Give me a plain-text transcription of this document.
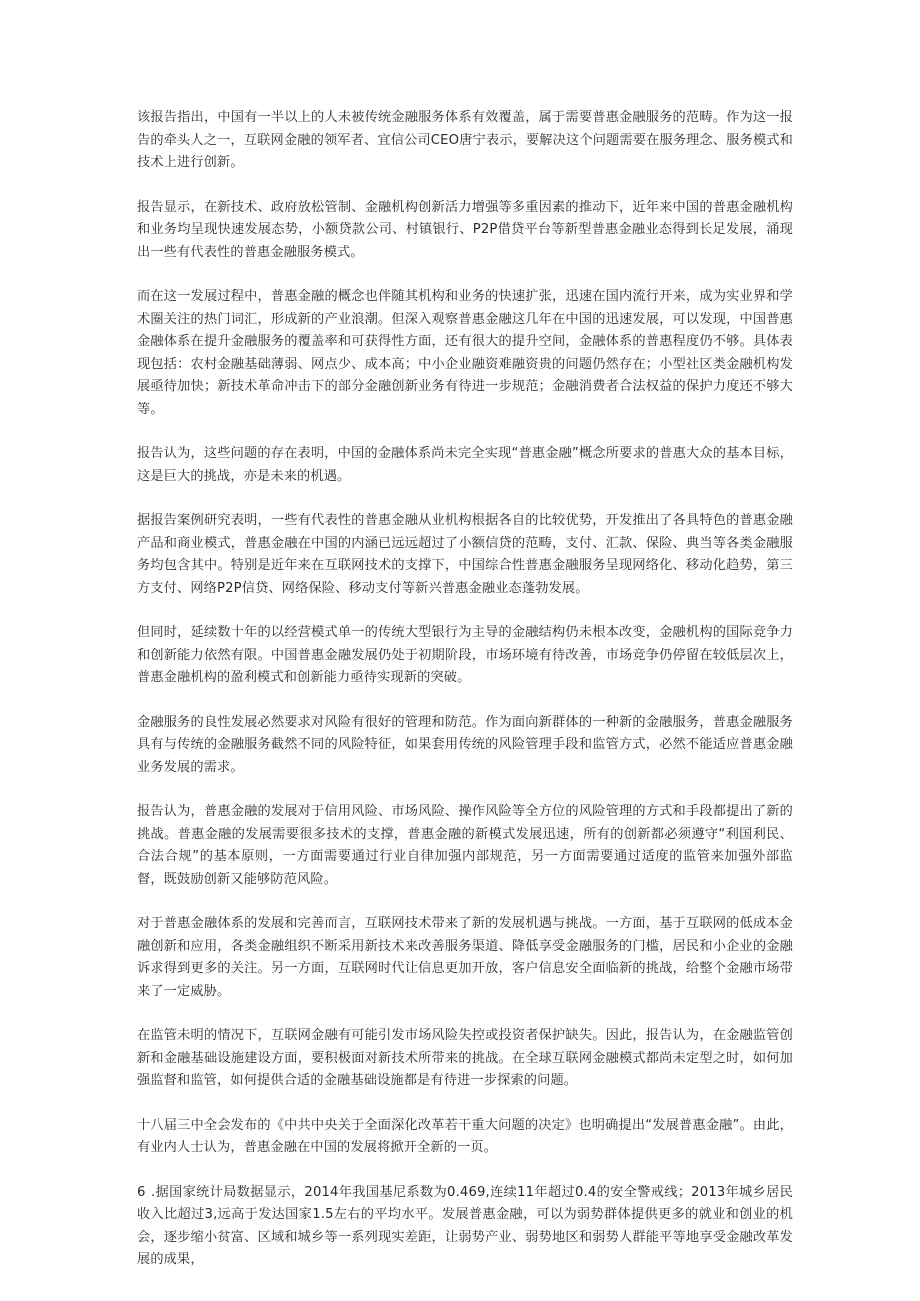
该报告指出，中国有一半以上的人未被传统金融服务体系有效覆盖，属于需要普惠金融服务的范畴。作为这一报告的牵头人之一，互联网金融的领军者、宜信公司CEO唐宁表示，要解决这个问题需要在服务理念、服务模式和技术上进行创新。

报告显示，在新技术、政府放松管制、金融机构创新活力增强等多重因素的推动下，近年来中国的普惠金融机构和业务均呈现快速发展态势，小额贷款公司、村镇银行、P2P借贷平台等新型普惠金融业态得到长足发展，涌现出一些有代表性的普惠金融服务模式。

而在这一发展过程中，普惠金融的概念也伴随其机构和业务的快速扩张，迅速在国内流行开来，成为实业界和学术圈关注的热门词汇，形成新的产业浪潮。但深入观察普惠金融这几年在中国的迅速发展，可以发现，中国普惠金融体系在提升金融服务的覆盖率和可获得性方面，还有很大的提升空间，金融体系的普惠程度仍不够。具体表现包括：农村金融基础薄弱、网点少、成本高；中小企业融资难融资贵的问题仍然存在；小型社区类金融机构发展亟待加快；新技术革命冲击下的部分金融创新业务有待进一步规范；金融消费者合法权益的保护力度还不够大等。

报告认为，这些问题的存在表明，中国的金融体系尚未完全实现“普惠金融”概念所要求的普惠大众的基本目标，这是巨大的挑战，亦是未来的机遇。

据报告案例研究表明，一些有代表性的普惠金融从业机构根据各自的比较优势，开发推出了各具特色的普惠金融产品和商业模式，普惠金融在中国的内涵已远远超过了小额信贷的范畴，支付、汇款、保险、典当等各类金融服务均包含其中。特别是近年来在互联网技术的支撑下，中国综合性普惠金融服务呈现网络化、移动化趋势，第三方支付、网络P2P信贷、网络保险、移动支付等新兴普惠金融业态蓬勃发展。

但同时，延续数十年的以经营模式单一的传统大型银行为主导的金融结构仍未根本改变，金融机构的国际竞争力和创新能力依然有限。中国普惠金融发展仍处于初期阶段，市场环境有待改善，市场竞争仍停留在较低层次上，普惠金融机构的盈利模式和创新能力亟待实现新的突破。

金融服务的良性发展必然要求对风险有很好的管理和防范。作为面向新群体的一种新的金融服务，普惠金融服务具有与传统的金融服务截然不同的风险特征，如果套用传统的风险管理手段和监管方式，必然不能适应普惠金融业务发展的需求。

报告认为，普惠金融的发展对于信用风险、市场风险、操作风险等全方位的风险管理的方式和手段都提出了新的挑战。普惠金融的发展需要很多技术的支撑，普惠金融的新模式发展迅速，所有的创新都必须遵守“利国利民、合法合规”的基本原则，一方面需要通过行业自律加强内部规范，另一方面需要通过适度的监管来加强外部监督，既鼓励创新又能够防范风险。

对于普惠金融体系的发展和完善而言，互联网技术带来了新的发展机遇与挑战。一方面，基于互联网的低成本金融创新和应用，各类金融组织不断采用新技术来改善服务渠道、降低享受金融服务的门槛，居民和小企业的金融诉求得到更多的关注。另一方面，互联网时代让信息更加开放，客户信息安全面临新的挑战，给整个金融市场带来了一定威胁。

在监管未明的情况下，互联网金融有可能引发市场风险失控或投资者保护缺失。因此，报告认为，在金融监管创新和金融基础设施建设方面，要积极面对新技术所带来的挑战。在全球互联网金融模式都尚未定型之时，如何加强监督和监管，如何提供合适的金融基础设施都是有待进一步探索的问题。

十八届三中全会发布的《中共中央关于全面深化改革若干重大问题的决定》也明确提出“发展普惠金融”。由此，有业内人士认为，普惠金融在中国的发展将掀开全新的一页。

6 .据国家统计局数据显示，2014年我国基尼系数为0.469,连续11年超过0.4的安全警戒线；2013年城乡居民收入比超过3,远高于发达国家1.5左右的平均水平。发展普惠金融，可以为弱势群体提供更多的就业和创业的机会，逐步缩小贫富、区域和城乡等一系列现实差距，让弱势产业、弱势地区和弱势人群能平等地享受金融改革发展的成果，
